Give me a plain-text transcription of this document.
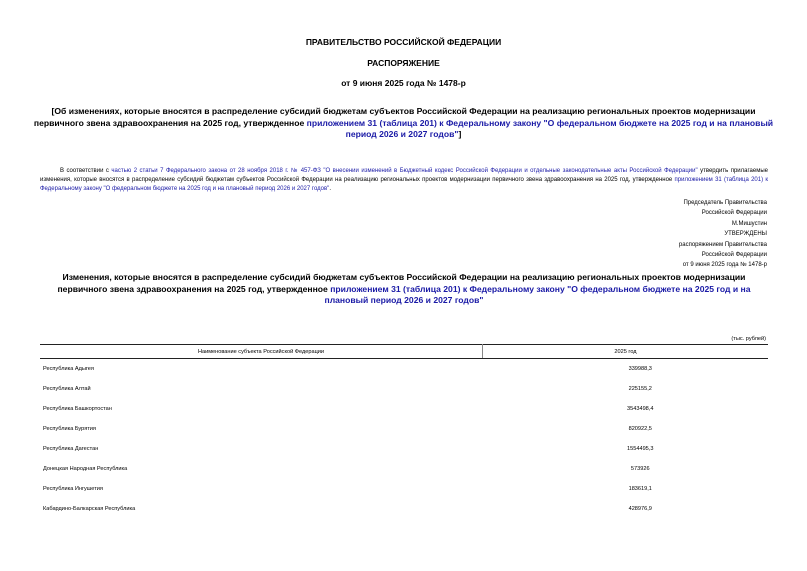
ПРАВИТЕЛЬСТВО РОССИЙСКОЙ ФЕДЕРАЦИИ
РАСПОРЯЖЕНИЕ
от 9 июня 2025 года № 1478-р
[Об изменениях, которые вносятся в распределение субсидий бюджетам субъектов Российской Федерации на реализацию региональных проектов модернизации первичного звена здравоохранения на 2025 год, утвержденное приложением 31 (таблица 201) к Федеральному закону "О федеральном бюджете на 2025 год и на плановый период 2026 и 2027 годов"]
В соответствии с частью 2 статьи 7 Федерального закона от 28 ноября 2018 г. № 457-ФЗ "О внесении изменений в Бюджетный кодекс Российской Федерации и отдельные законодательные акты Российской Федерации" утвердить прилагаемые изменения, которые вносятся в распределение субсидий бюджетам субъектов Российской Федерации на реализацию региональных проектов модернизации первичного звена здравоохранения на 2025 год, утвержденное приложением 31 (таблица 201) к Федеральному закону "О федеральном бюджете на 2025 год и на плановый период 2026 и 2027 годов".
Председатель Правительства
Российской Федерации
М.Мишустин
УТВЕРЖДЕНЫ
распоряжением Правительства
Российской Федерации
от 9 июня 2025 года № 1478-р
Изменения, которые вносятся в распределение субсидий бюджетам субъектов Российской Федерации на реализацию региональных проектов модернизации первичного звена здравоохранения на 2025 год, утвержденное приложением 31 (таблица 201) к Федеральному закону "О федеральном бюджете на 2025 год и на плановый период 2026 и 2027 годов"
(тыс. рублей)
Наименование субъекта Российской Федерации	2025 год
Республика Адыгея	339988,3
Республика Алтай	225155,2
Республика Башкортостан	3543498,4
Республика Бурятия	820922,5
Республика Дагестан	1554495,3
Донецкая Народная Республика	573926
Республика Ингушетия	183619,1
Кабардино-Балкарская Республика	428976,9
